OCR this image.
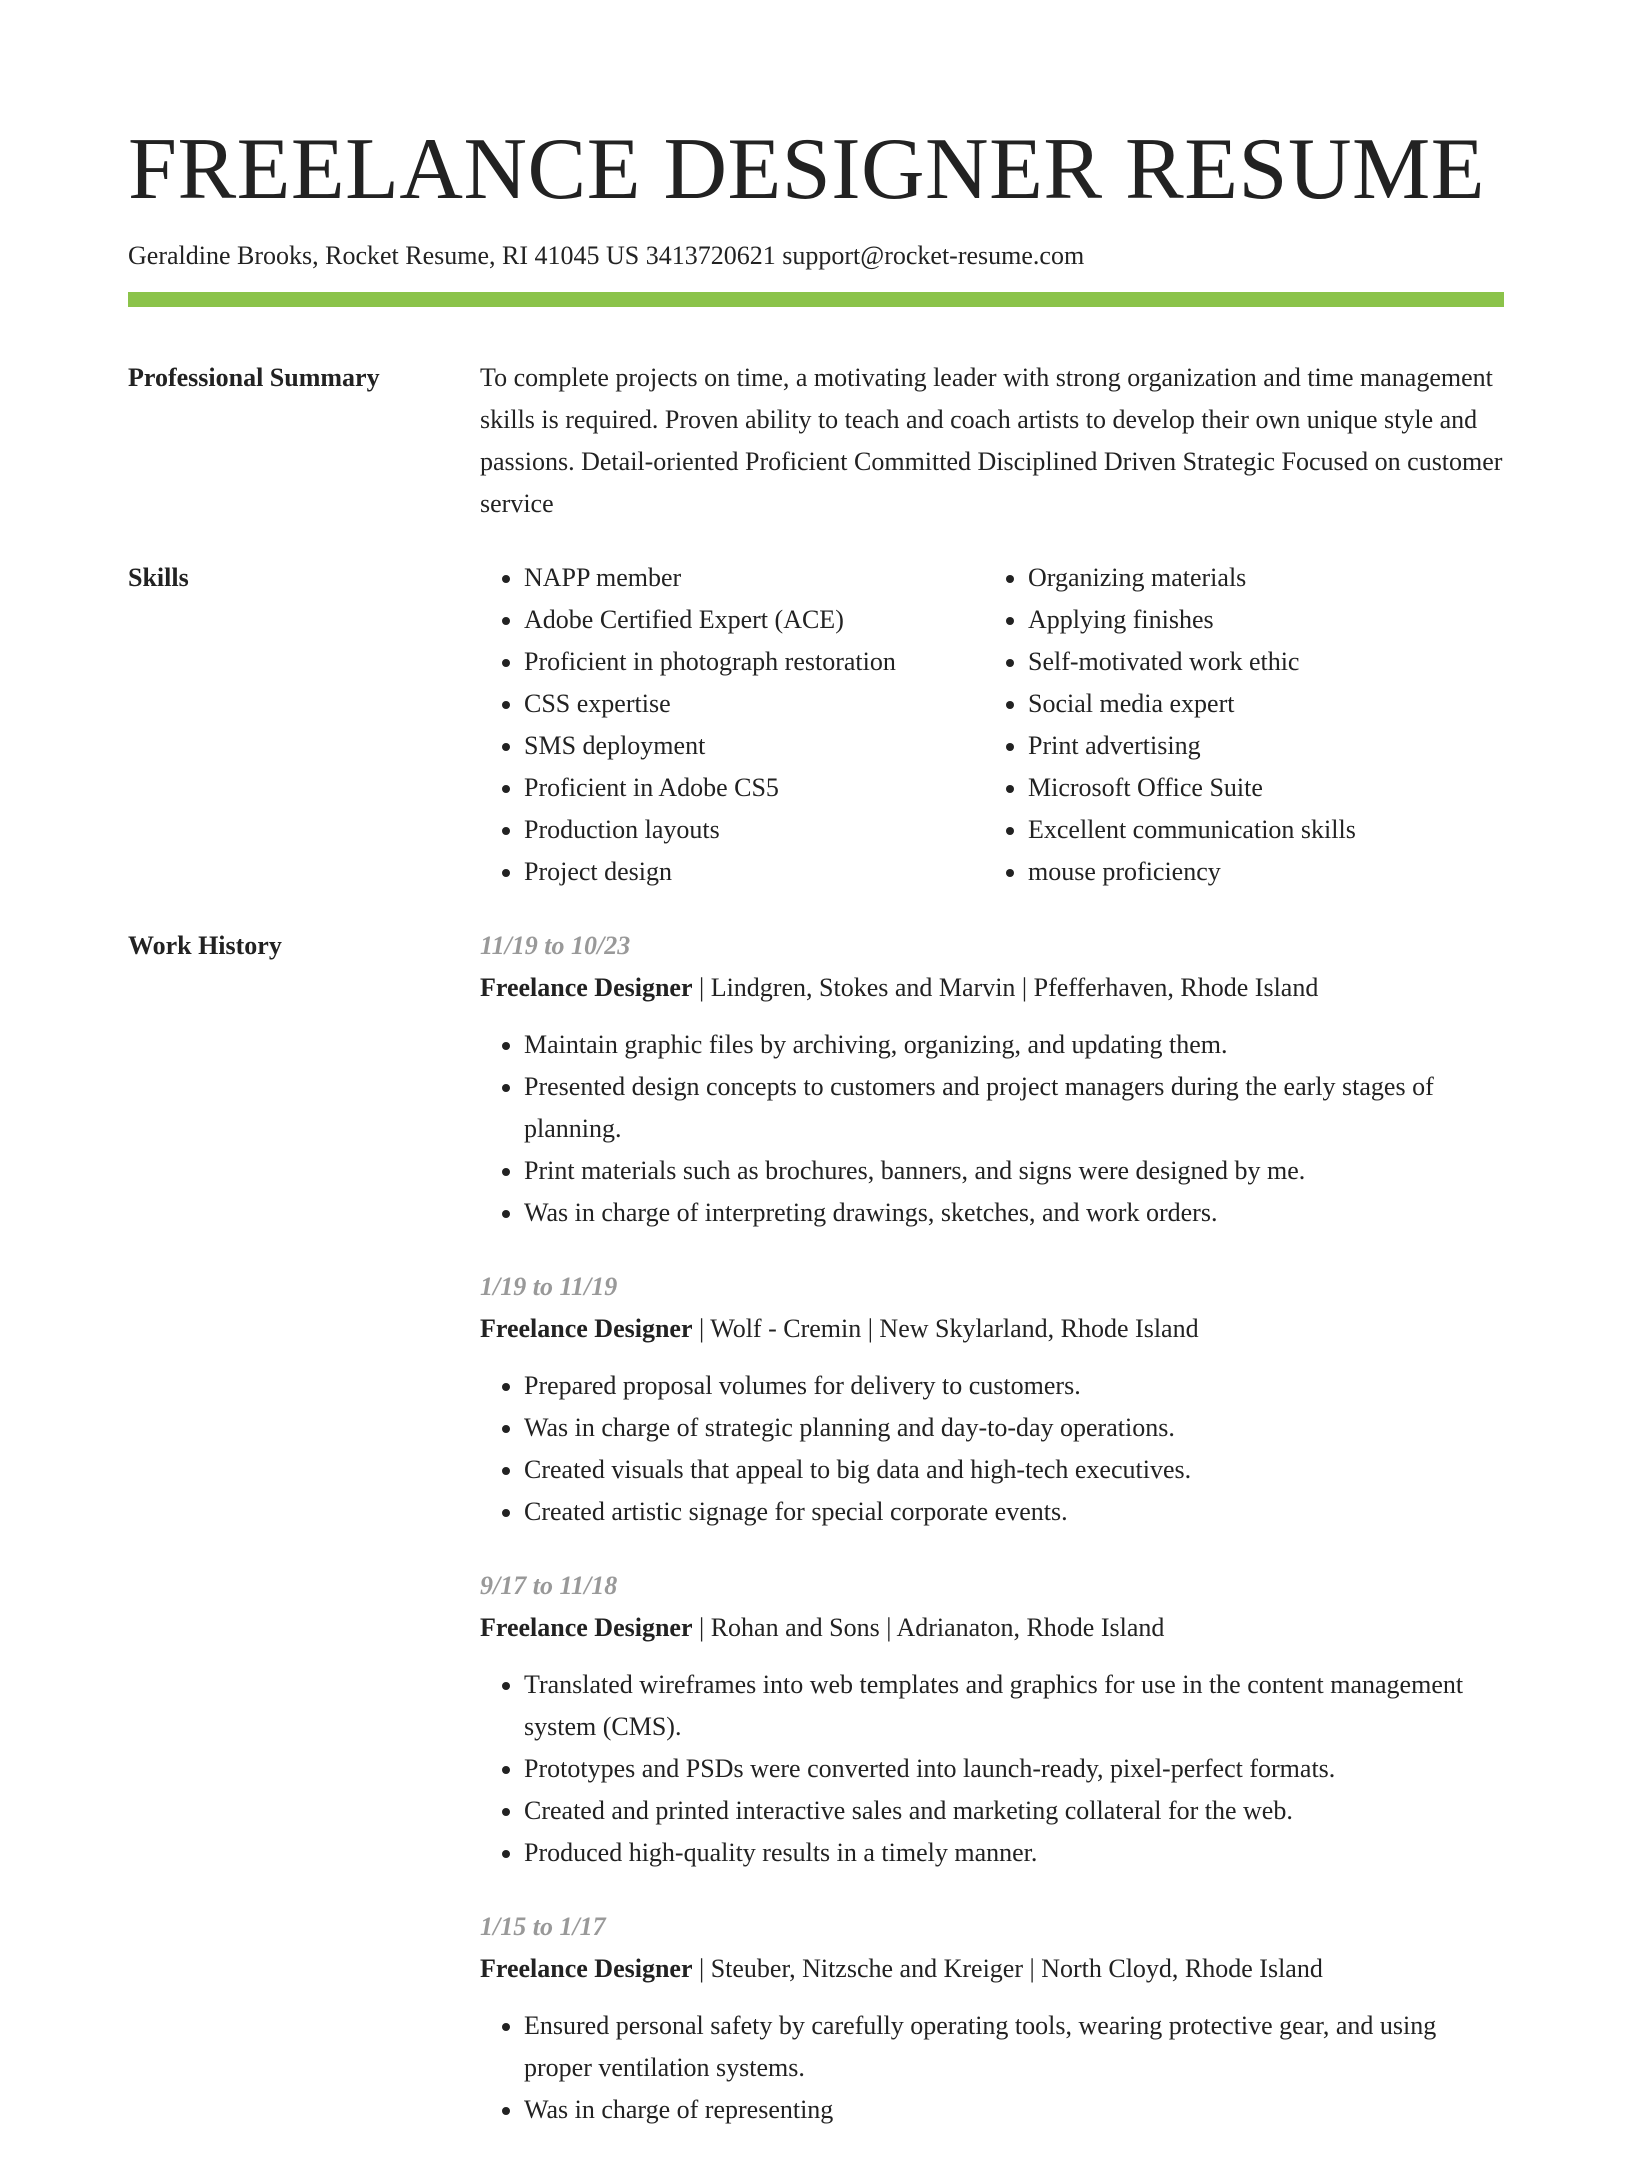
FREELANCE DESIGNER RESUME
Geraldine Brooks, Rocket Resume, RI 41045 US 3413720621 support@rocket-resume.com
Professional Summary	To complete projects on time, a motivating leader with strong organization and time management skills is required. Proven ability to teach and coach artists to develop their own unique style and passions. Detail-oriented Proficient Committed Disciplined Driven Strategic Focused on customer service

Skills
•	NAPP member
• Adobe Certified Expert (ACE)
• Proficient in photograph restoration
• CSS expertise
• SMS deployment
• Proficient in Adobe CS5
• Production layouts
• Project design
• Organizing materials
• Applying finishes
• Self-motivated work ethic
• Social media expert
• Print advertising
• Microsoft Office Suite
• Excellent communication skills
• mouse proficiency
Work History	11/19 to 10/23
Freelance Designer | Lindgren, Stokes and Marvin | Pfefferhaven, Rhode Island
• Maintain graphic files by archiving, organizing, and updating them.
• Presented design concepts to customers and project managers during the early stages of planning.
• Print materials such as brochures, banners, and signs were designed by me.
• Was in charge of interpreting drawings, sketches, and work orders.
1/19 to 11/19
Freelance Designer | Wolf - Cremin | New Skylarland, Rhode Island
• Prepared proposal volumes for delivery to customers.
• Was in charge of strategic planning and day-to-day operations.
• Created visuals that appeal to big data and high-tech executives.
• Created artistic signage for special corporate events.
9/17 to 11/18
Freelance Designer | Rohan and Sons | Adrianaton, Rhode Island
• Translated wireframes into web templates and graphics for use in the content management system (CMS).
• Prototypes and PSDs were converted into launch-ready, pixel-perfect formats.
• Created and printed interactive sales and marketing collateral for the web.
• Produced high-quality results in a timely manner.
1/15 to 1/17
Freelance Designer | Steuber, Nitzsche and Kreiger | North Cloyd, Rhode Island
• Ensured personal safety by carefully operating tools, wearing protective gear, and using proper ventilation systems.
• Was in charge of representing
